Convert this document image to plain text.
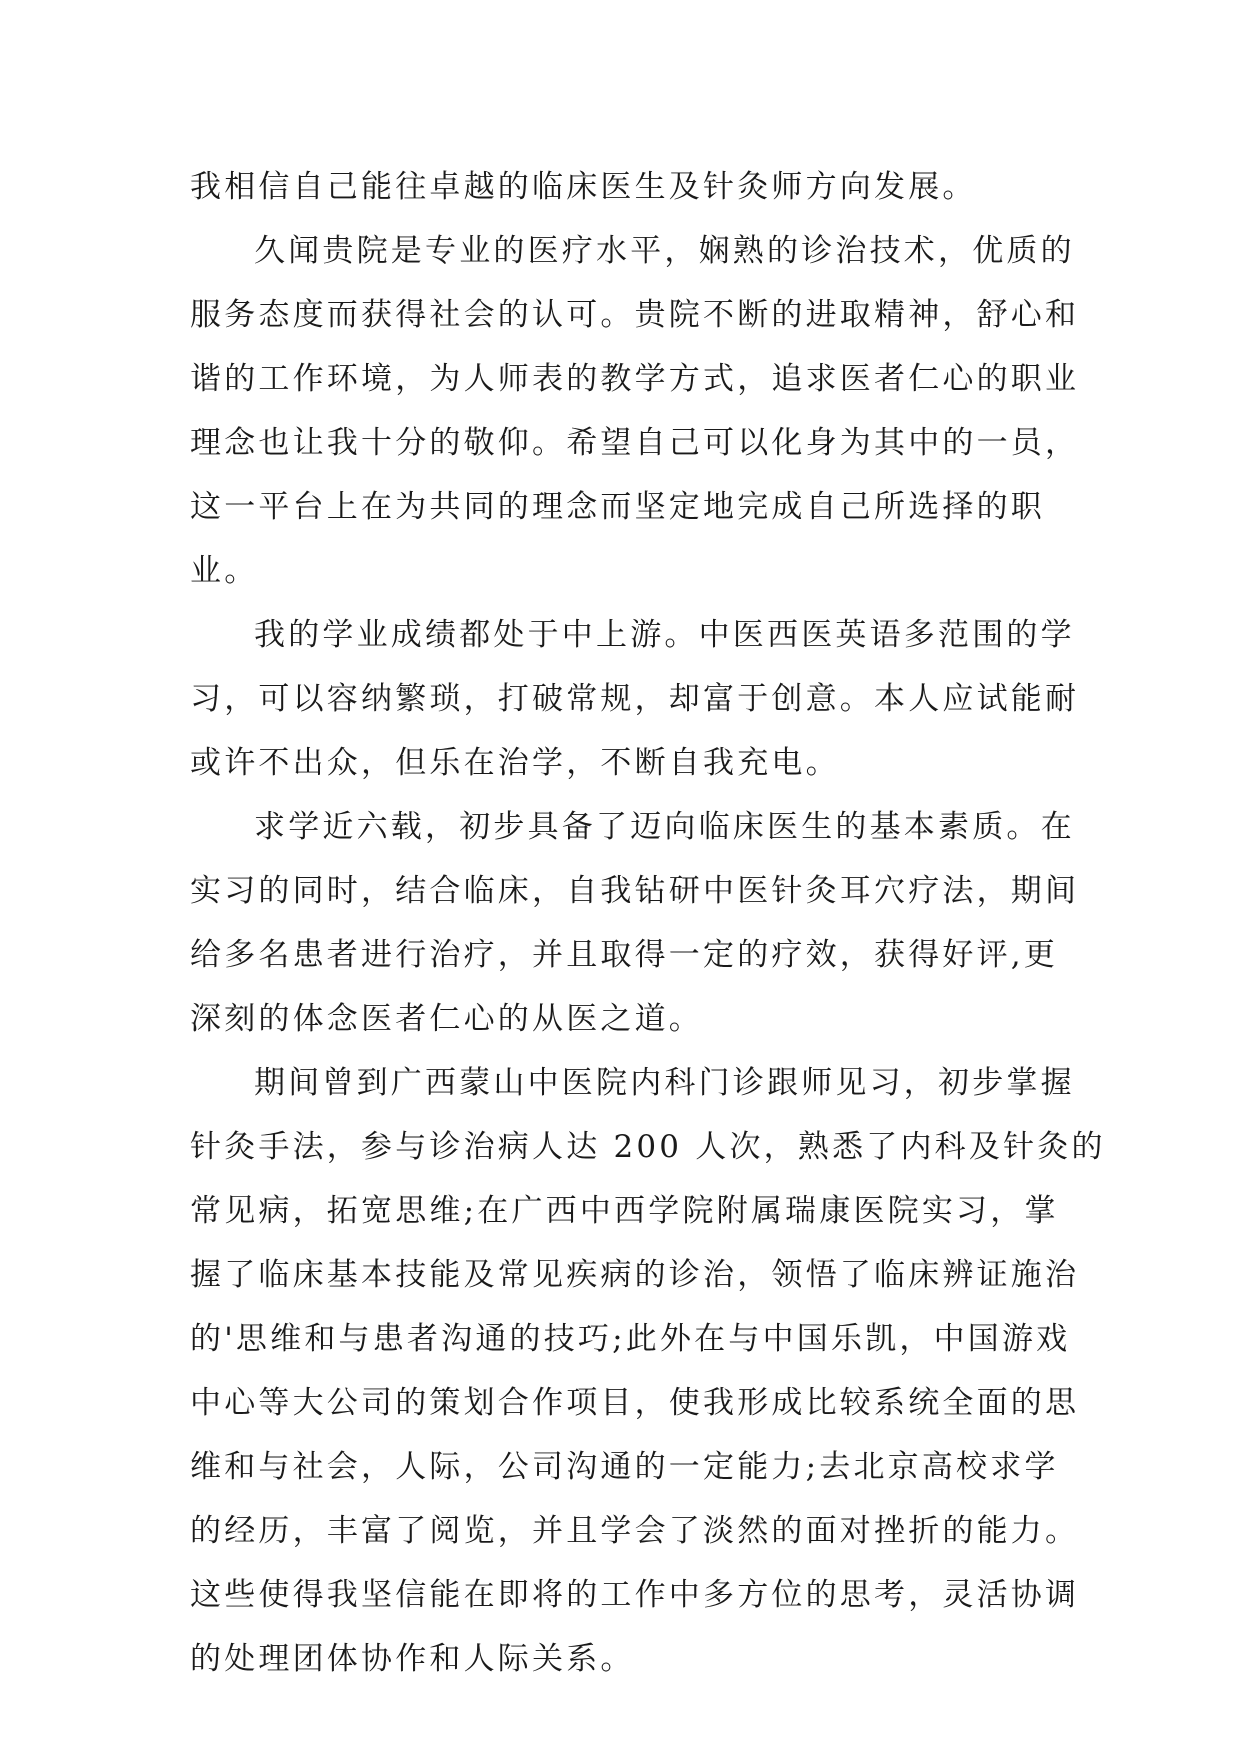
我相信自己能往卓越的临床医生及针灸师方向发展。
久闻贵院是专业的医疗水平，娴熟的诊治技术，优质的
服务态度而获得社会的认可。贵院不断的进取精神，舒心和
谐的工作环境，为人师表的教学方式，追求医者仁心的职业
理念也让我十分的敬仰。希望自己可以化身为其中的一员，
这一平台上在为共同的理念而坚定地完成自己所选择的职
业。
我的学业成绩都处于中上游。中医西医英语多范围的学
习，可以容纳繁琐，打破常规，却富于创意。本人应试能耐
或许不出众，但乐在治学，不断自我充电。
求学近六载，初步具备了迈向临床医生的基本素质。在
实习的同时，结合临床，自我钻研中医针灸耳穴疗法，期间
给多名患者进行治疗，并且取得一定的疗效，获得好评,更
深刻的体念医者仁心的从医之道。
期间曾到广西蒙山中医院内科门诊跟师见习，初步掌握
针灸手法，参与诊治病人达 200 人次，熟悉了内科及针灸的
常见病，拓宽思维;在广西中西学院附属瑞康医院实习，掌
握了临床基本技能及常见疾病的诊治，领悟了临床辨证施治
的'思维和与患者沟通的技巧;此外在与中国乐凯，中国游戏
中心等大公司的策划合作项目，使我形成比较系统全面的思
维和与社会，人际，公司沟通的一定能力;去北京高校求学
的经历，丰富了阅览，并且学会了淡然的面对挫折的能力。
这些使得我坚信能在即将的工作中多方位的思考，灵活协调
的处理团体协作和人际关系。
